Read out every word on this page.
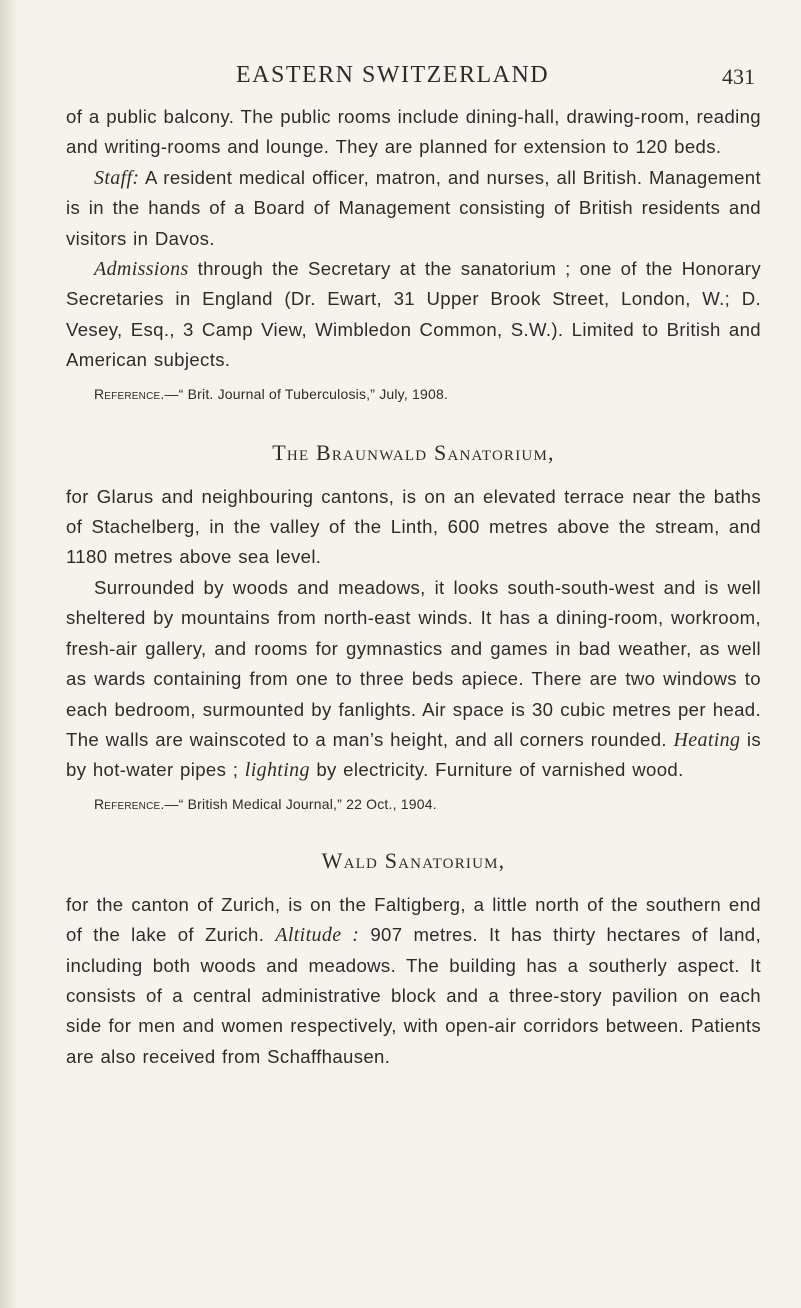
EASTERN SWITZERLAND	431

of a public balcony. The public rooms include dining-hall, drawing-room, reading and writing-rooms and lounge. They are planned for extension to 120 beds.

Staff: A resident medical officer, matron, and nurses, all British. Management is in the hands of a Board of Management consisting of British residents and visitors in Davos.

Admissions through the Secretary at the sanatorium ; one of the Honorary Secretaries in England (Dr. Ewart, 31 Upper Brook Street, London, W.; D. Vesey, Esq., 3 Camp View, Wimbledon Common, S.W.). Limited to British and American subjects.

Reference.—“ Brit. Journal of Tuberculosis,” July, 1908.
The Braunwald Sanatorium,

for Glarus and neighbouring cantons, is on an elevated terrace near the baths of Stachelberg, in the valley of the Linth, 600 metres above the stream, and 1180 metres above sea level.

Surrounded by woods and meadows, it looks south-south-west and is well sheltered by mountains from north-east winds. It has a dining-room, workroom, fresh-air gallery, and rooms for gymnastics and games in bad weather, as well as wards containing from one to three beds apiece. There are two windows to each bedroom, surmounted by fanlights. Air space is 30 cubic metres per head. The walls are wainscoted to a man’s height, and all corners rounded. Heating is by hot-water pipes ; lighting by electricity. Furniture of varnished wood.

Reference.—“ British Medical Journal,” 22 Oct., 1904.
Wald Sanatorium,

for the canton of Zurich, is on the Faltigberg, a little north of the southern end of the lake of Zurich. Altitude : 907 metres. It has thirty hectares of land, including both woods and meadows. The building has a southerly aspect. It consists of a central administrative block and a three-story pavilion on each side for men and women respectively, with open-air corridors between. Patients are also received from Schaffhausen.
